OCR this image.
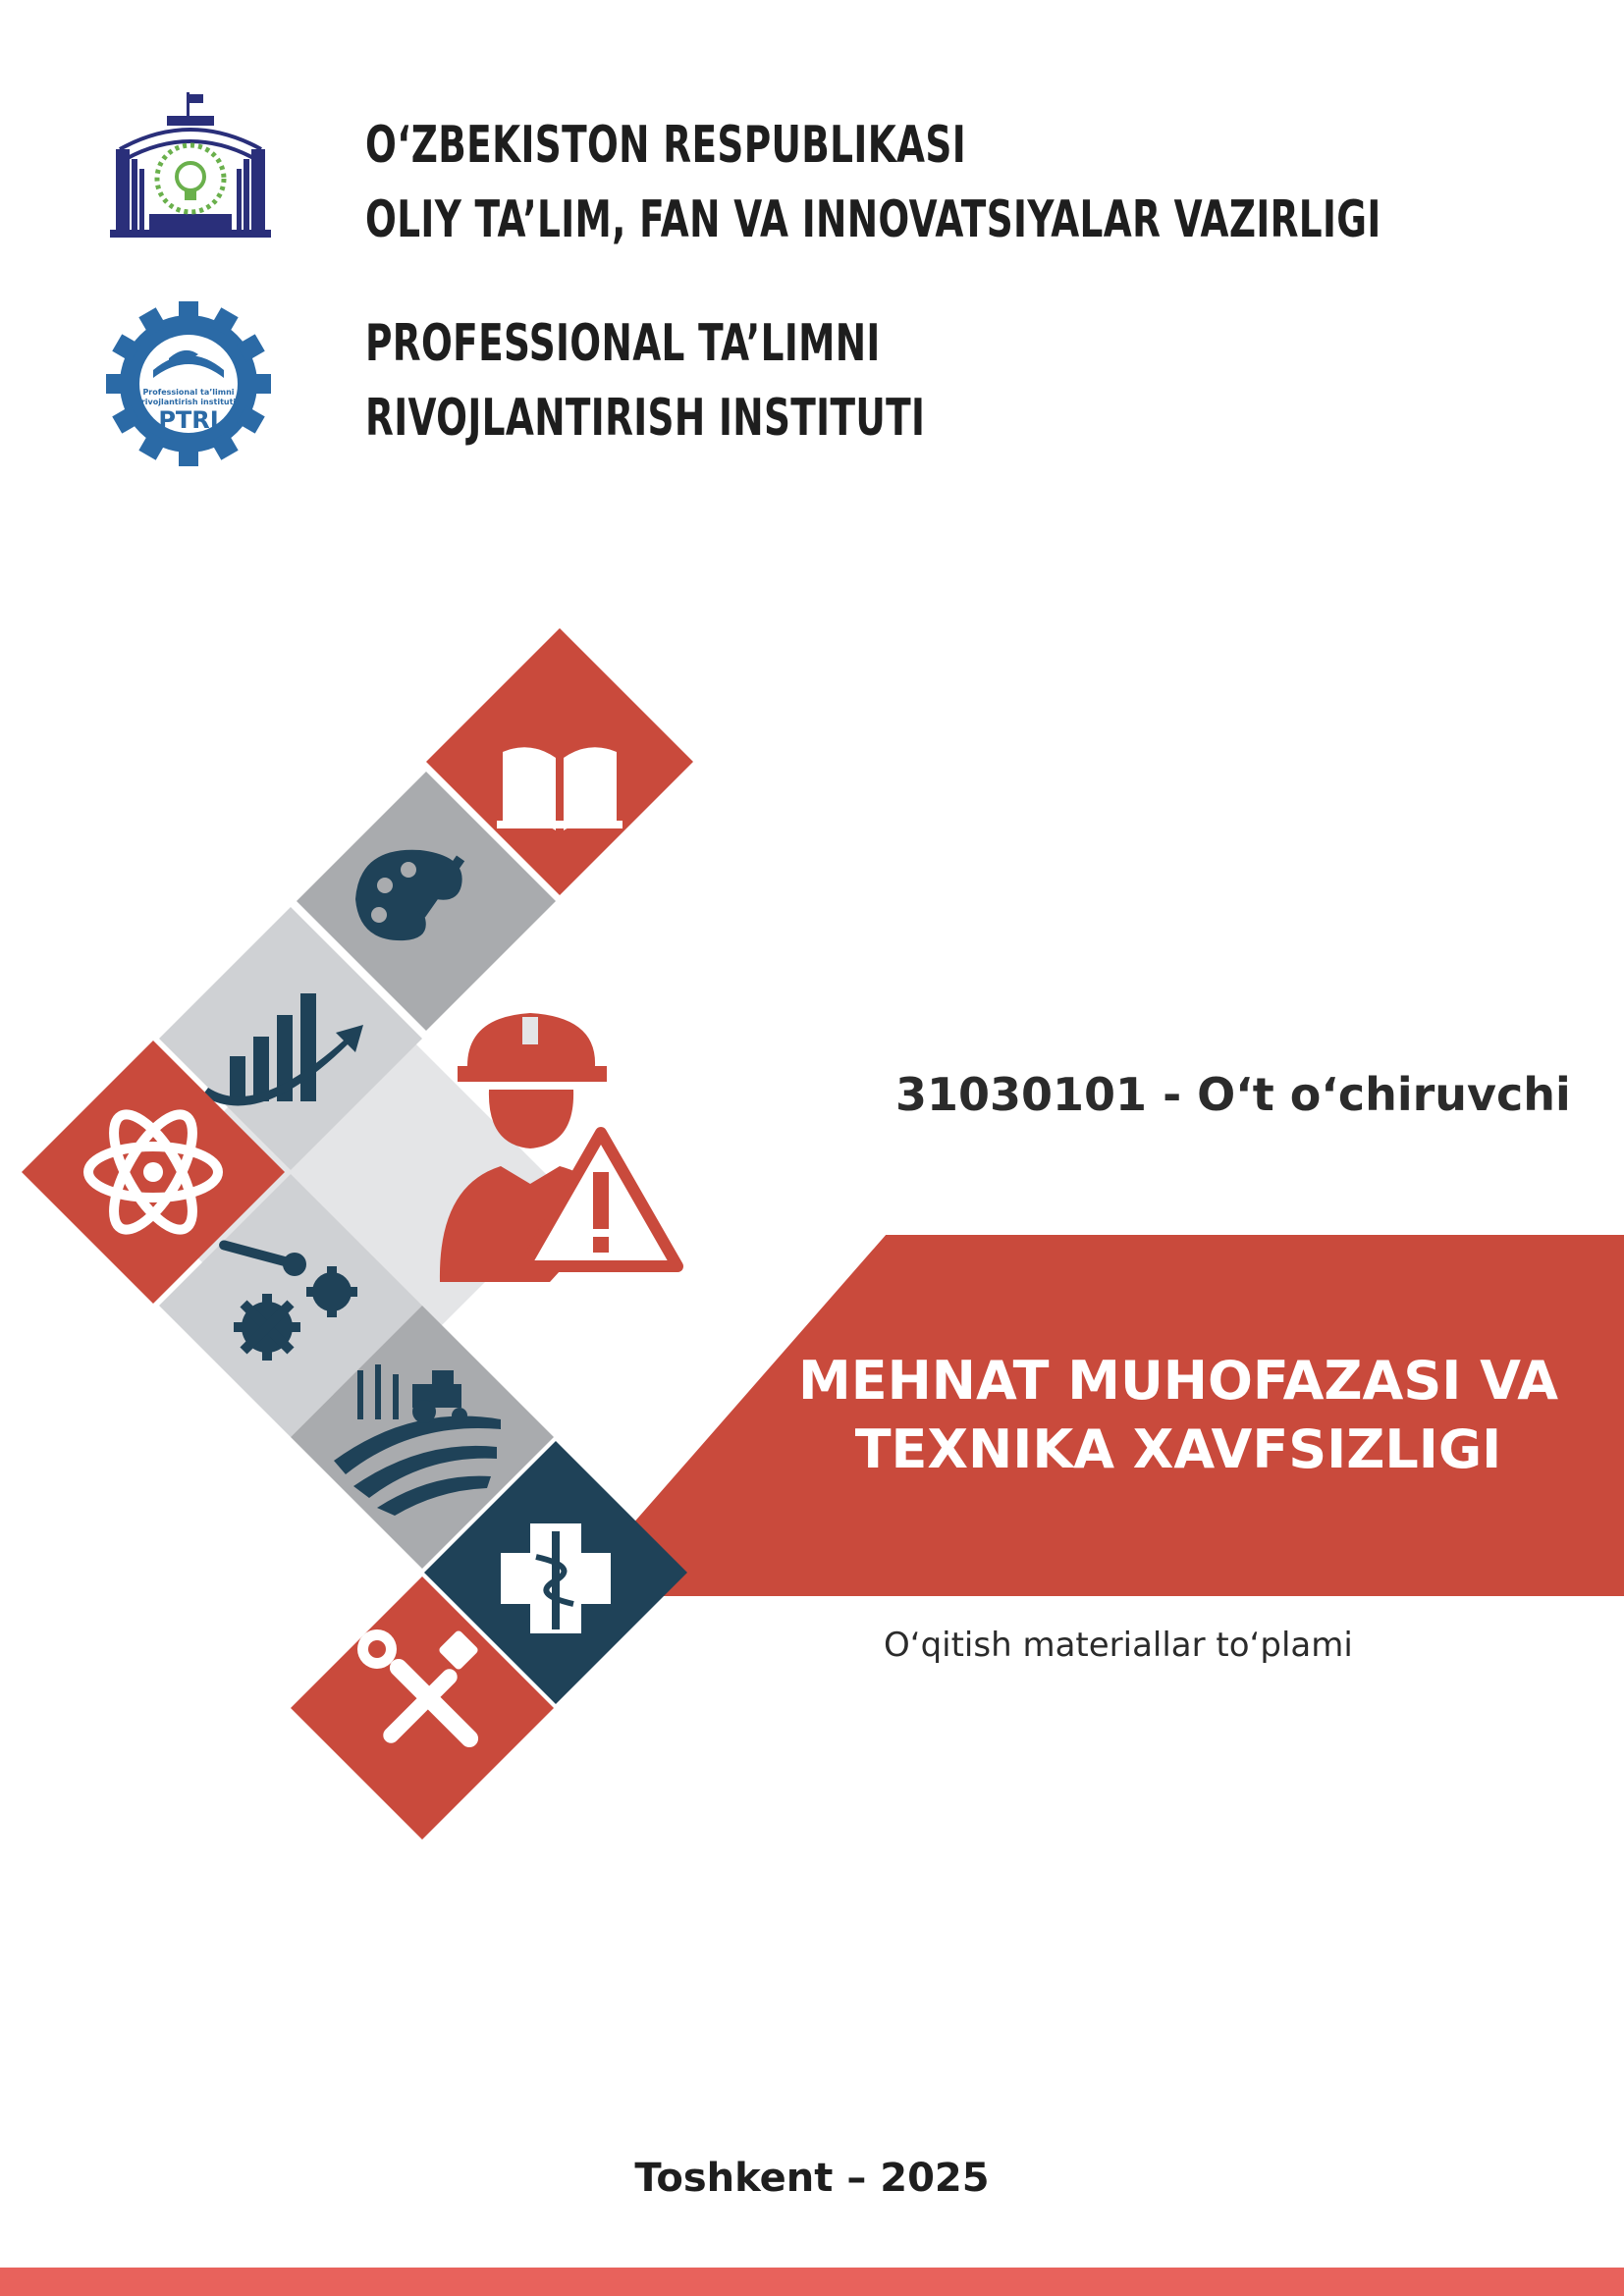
O‘ZBEKISTON RESPUBLIKASI
OLIY TA’LIM, FAN VA INNOVATSIYALAR VAZIRLIGI
Professional ta’limni
rivojlantirish instituti
PTRI
PROFESSIONAL TA’LIMNI
RIVOJLANTIRISH INSTITUTI
31030101 - O‘t o‘chiruvchi
MEHNAT MUHOFAZASI VA
TEXNIKA XAVFSIZLIGI
O‘qitish materiallar to‘plami
Toshkent – 2025
